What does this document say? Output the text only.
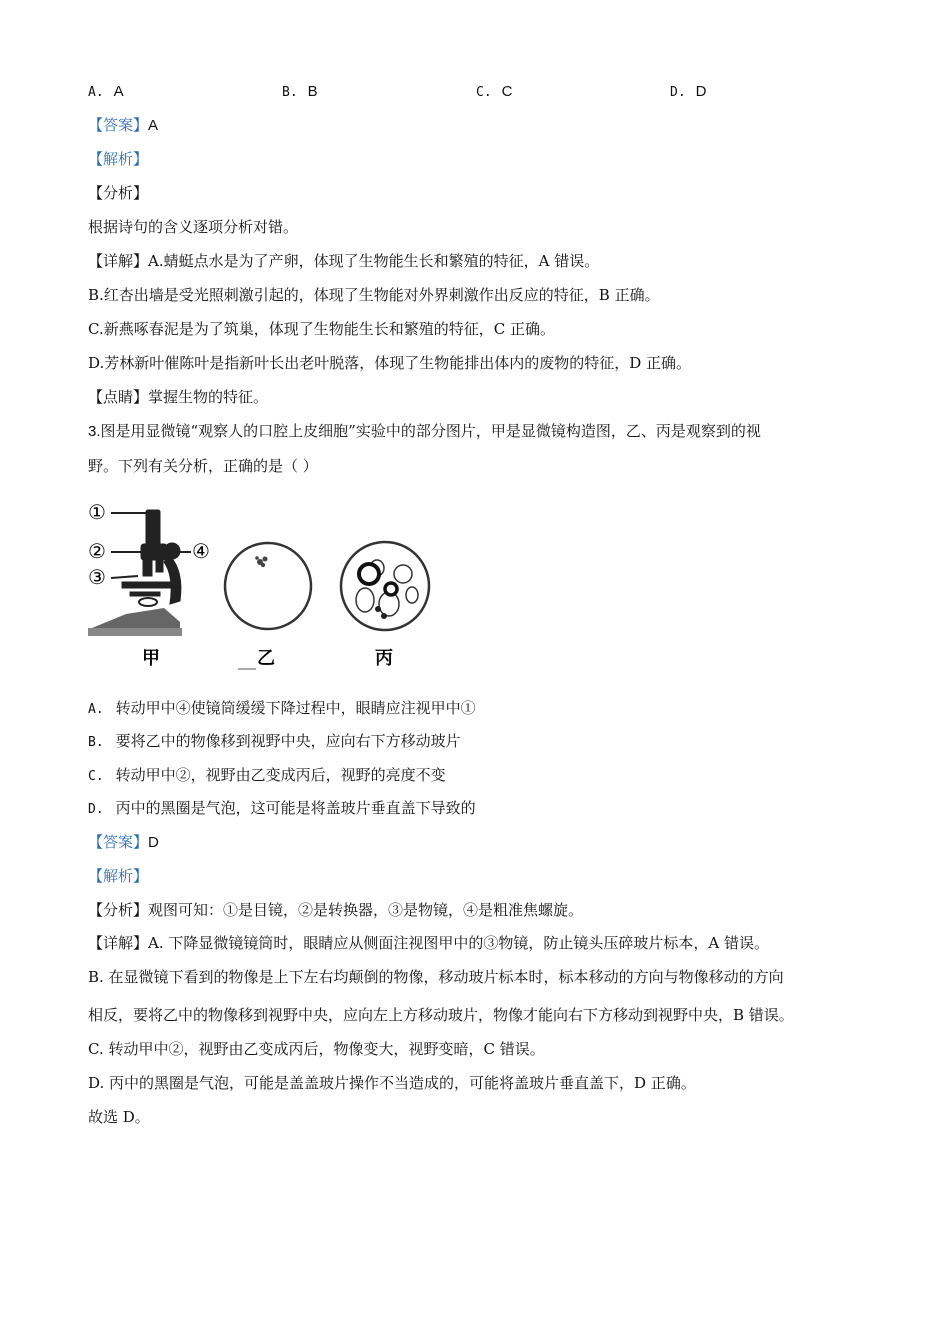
A. A	B. B	C. C	D. D
【答案】A
【解析】
【分析】
根据诗句的含义逐项分析对错。
【详解】A.蜻蜓点水是为了产卵，体现了生物能生长和繁殖的特征，A 错误。
B.红杏出墙是受光照刺激引起的，体现了生物能对外界刺激作出反应的特征，B 正确。
C.新燕啄春泥是为了筑巢，体现了生物能生长和繁殖的特征，C 正确。
D.芳林新叶催陈叶是指新叶长出老叶脱落，体现了生物能排出体内的废物的特征，D 正确。
【点睛】掌握生物的特征。
3.图是用显微镜“观察人的口腔上皮细胞”实验中的部分图片，甲是显微镜构造图，乙、丙是观察到的视
野。下列有关分析，正确的是（ ）
①
②
③
④
甲	乙	丙
A. 转动甲中④使镜筒缓缓下降过程中，眼睛应注视甲中①
B. 要将乙中的物像移到视野中央，应向右下方移动玻片
C. 转动甲中②，视野由乙变成丙后，视野的亮度不变
D. 丙中的黑圈是气泡，这可能是将盖玻片垂直盖下导致的
【答案】D
【解析】
【分析】观图可知：①是目镜，②是转换器，③是物镜，④是粗准焦螺旋。
【详解】A. 下降显微镜镜筒时，眼睛应从侧面注视图甲中的③物镜，防止镜头压碎玻片标本，A 错误。
B. 在显微镜下看到的物像是上下左右均颠倒的物像，移动玻片标本时，标本移动的方向与物像移动的方向
相反，要将乙中的物像移到视野中央，应向左上方移动玻片，物像才能向右下方移动到视野中央，B 错误。
C. 转动甲中②，视野由乙变成丙后，物像变大，视野变暗，C 错误。
D. 丙中的黑圈是气泡，可能是盖盖玻片操作不当造成的，可能将盖玻片垂直盖下，D 正确。
故选 D。
